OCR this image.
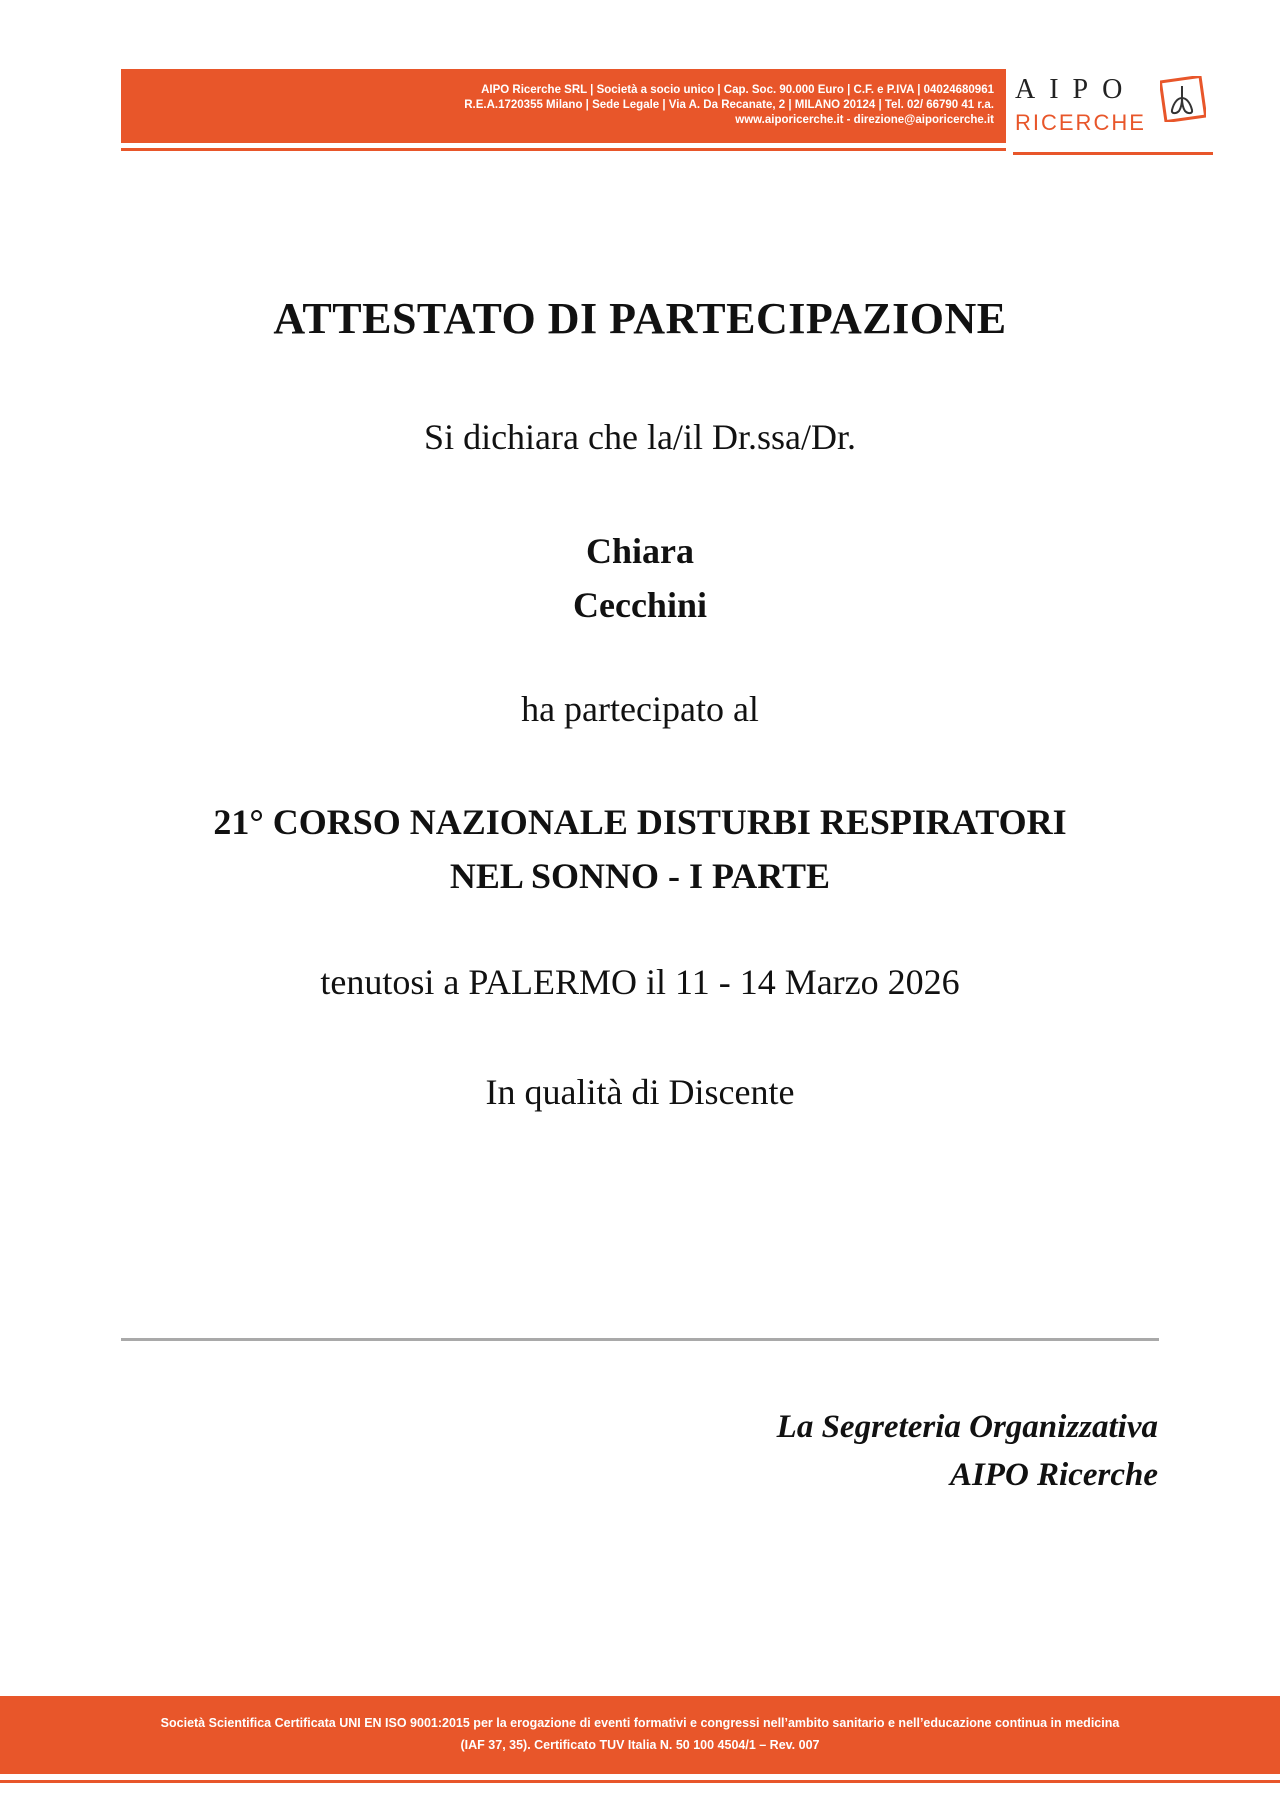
AIPO Ricerche SRL | Società a socio unico | Cap. Soc. 90.000 Euro | C.F. e P.IVA | 04024680961
R.E.A.1720355 Milano | Sede Legale | Via A. Da Recanate, 2 | MILANO 20124 | Tel. 02/ 66790 41 r.a.
www.aiporicerche.it - direzione@aiporicerche.it
AIPO
RICERCHE
ATTESTATO DI PARTECIPAZIONE
Si dichiara che la/il Dr.ssa/Dr.
Chiara
Cecchini
ha partecipato al
21° CORSO NAZIONALE DISTURBI RESPIRATORI
NEL SONNO - I PARTE
tenutosi a PALERMO il 11 - 14 Marzo 2026
In qualità di Discente
La Segreteria Organizzativa
AIPO Ricerche
Società Scientifica Certificata UNI EN ISO 9001:2015 per la erogazione di eventi formativi e congressi nell’ambito sanitario e nell’educazione continua in medicina
(IAF 37, 35). Certificato TUV Italia N. 50 100 4504/1 – Rev. 007
